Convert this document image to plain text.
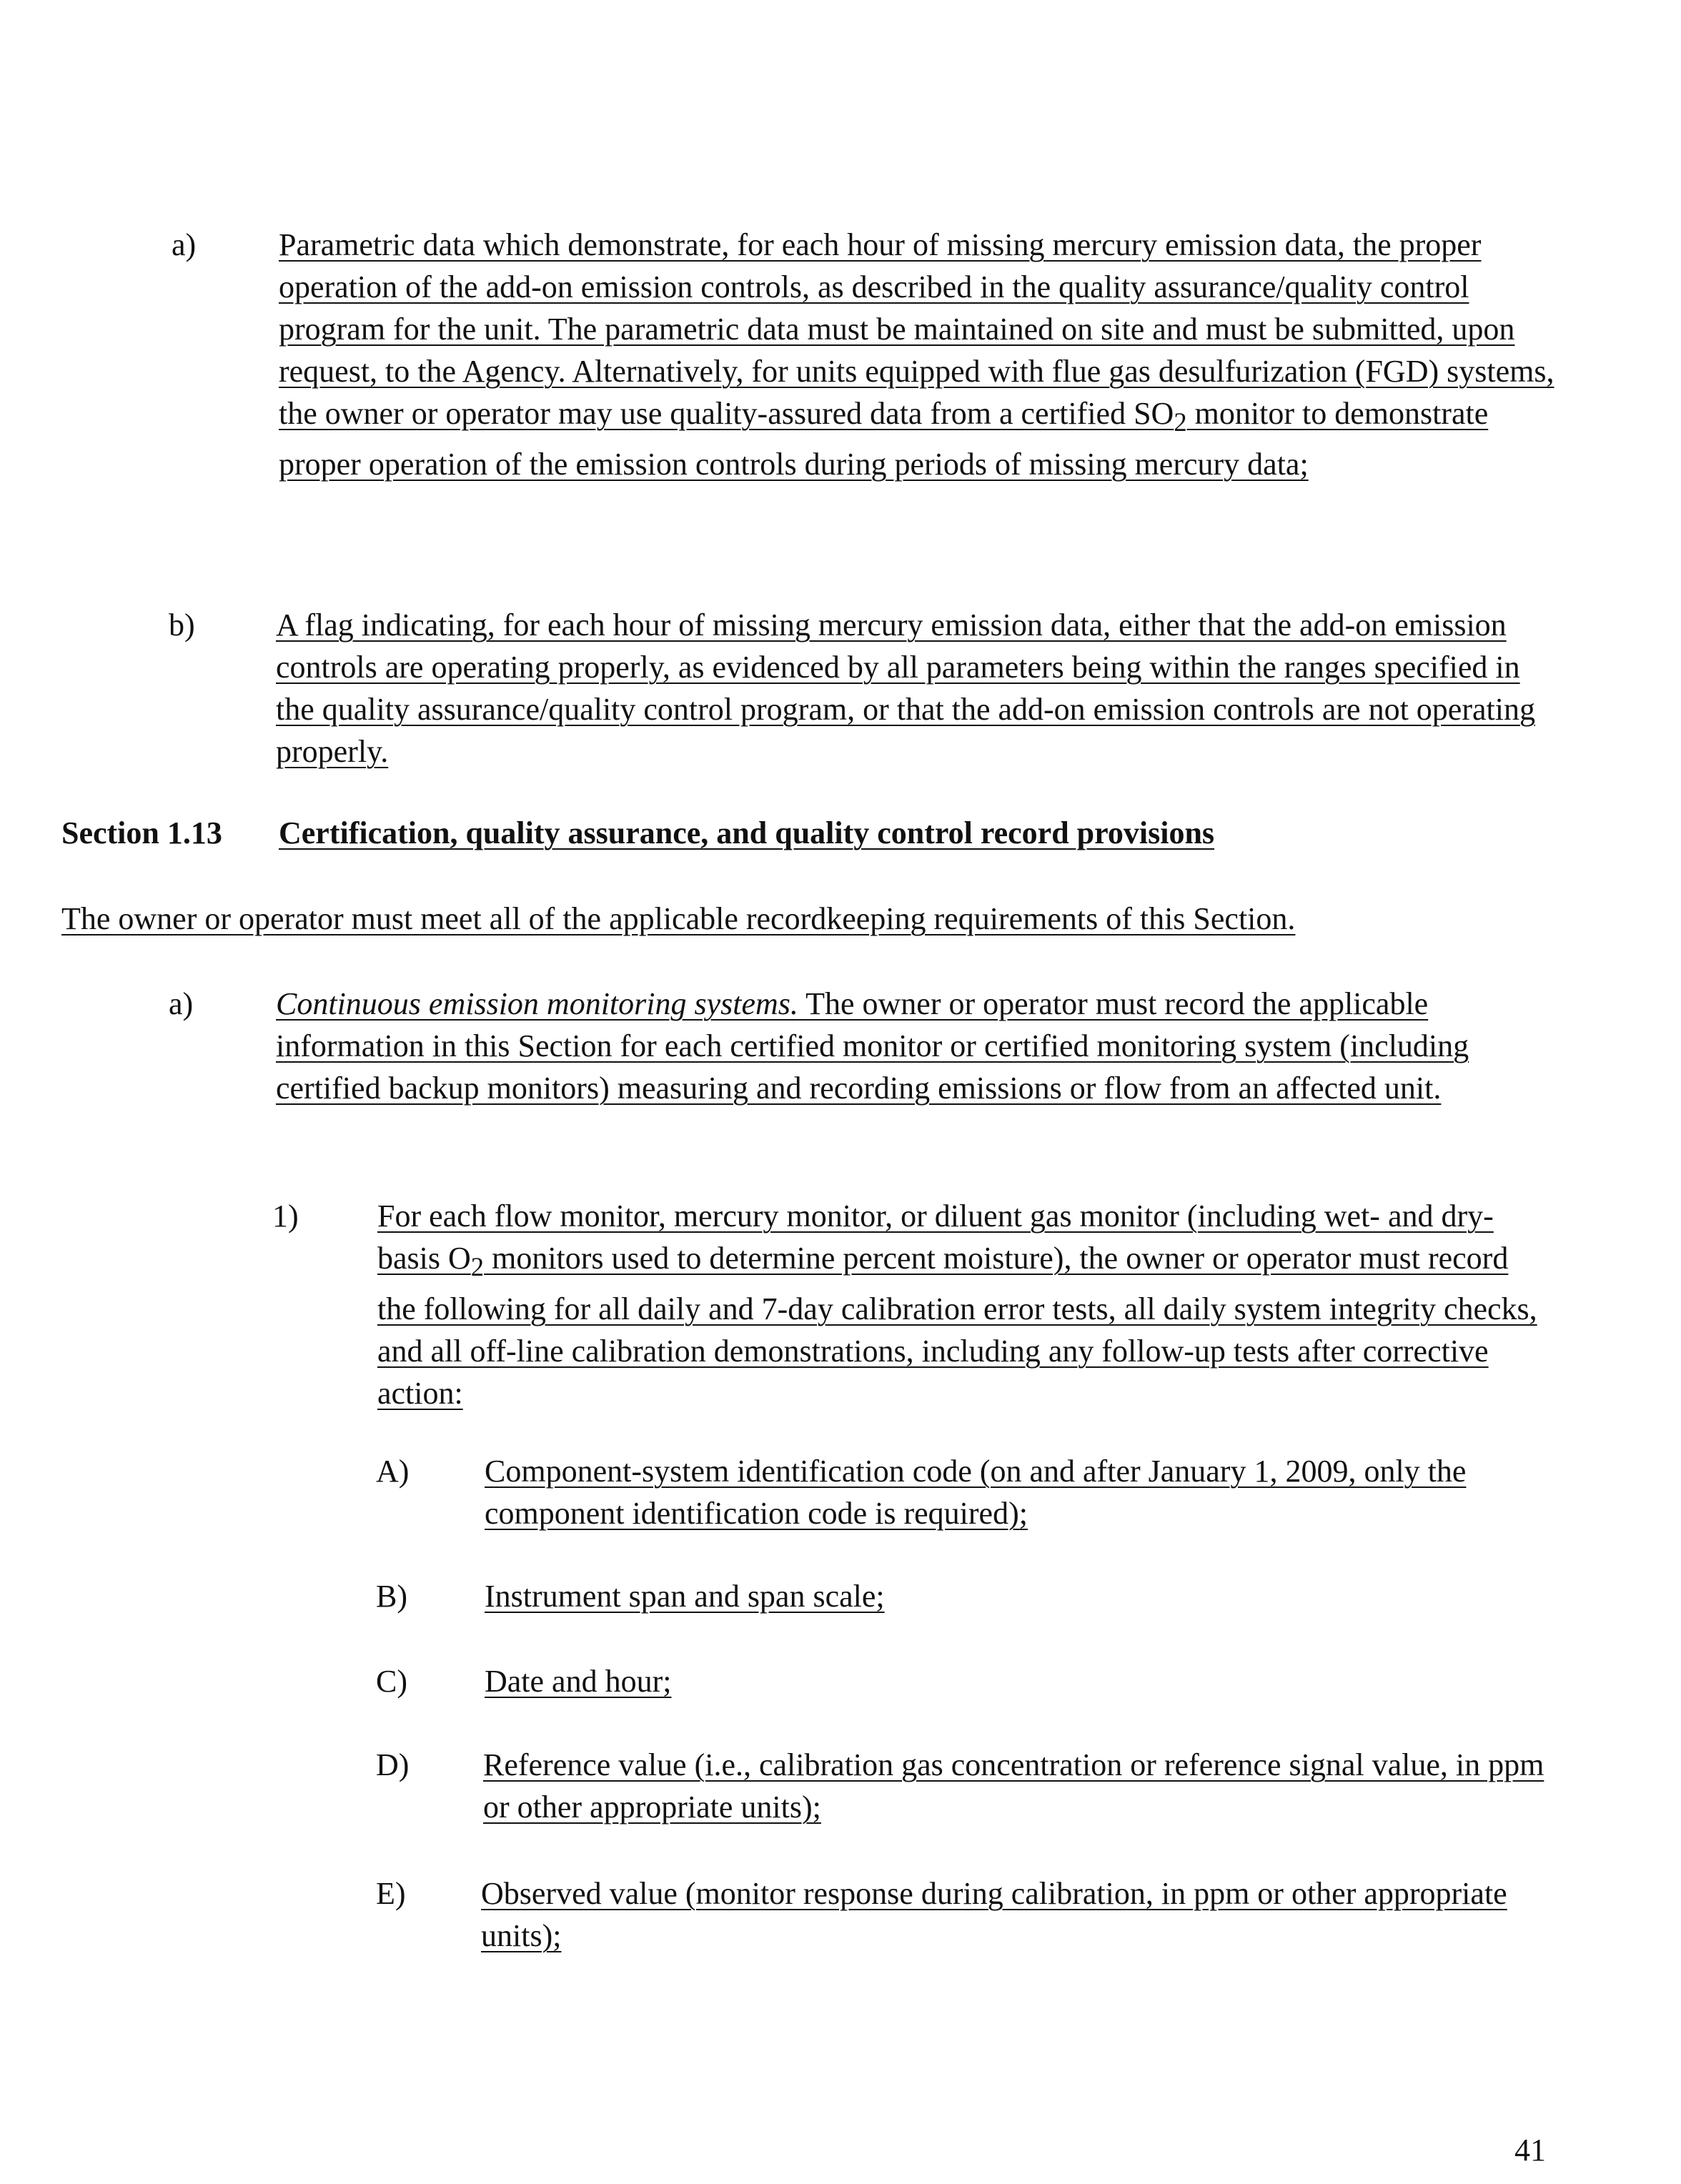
a)	Parametric data which demonstrate, for each hour of missing mercury emission data, the proper operation of the add-on emission controls, as described in the quality assurance/quality control program for the unit. The parametric data must be maintained on site and must be submitted, upon request, to the Agency. Alternatively, for units equipped with flue gas desulfurization (FGD) systems, the owner or operator may use quality-assured data from a certified $SO_2$ monitor to demonstrate proper operation of the emission controls during periods of missing mercury data;
b)	A flag indicating, for each hour of missing mercury emission data, either that the add-on emission controls are operating properly, as evidenced by all parameters being within the ranges specified in the quality assurance/quality control program, or that the add-on emission controls are not operating properly.
Section 1.13 Certification, quality assurance, and quality control record provisions
The owner or operator must meet all of the applicable recordkeeping requirements of this Section.
a)	Continuous emission monitoring systems. The owner or operator must record the applicable information in this Section for each certified monitor or certified monitoring system (including certified backup monitors) measuring and recording emissions or flow from an affected unit.
1)	For each flow monitor, mercury monitor, or diluent gas monitor (including wet- and dry-basis $O_2$ monitors used to determine percent moisture), the owner or operator must record the following for all daily and 7-day calibration error tests, all daily system integrity checks, and all off-line calibration demonstrations, including any follow-up tests after corrective action:
A) Component-system identification code (on and after January 1, 2009, only the component identification code is required);
B) Instrument span and span scale;
C) Date and hour;
D) Reference value (i.e., calibration gas concentration or reference signal value, in ppm or other appropriate units);
E) Observed value (monitor response during calibration, in ppm or other appropriate units);
41
